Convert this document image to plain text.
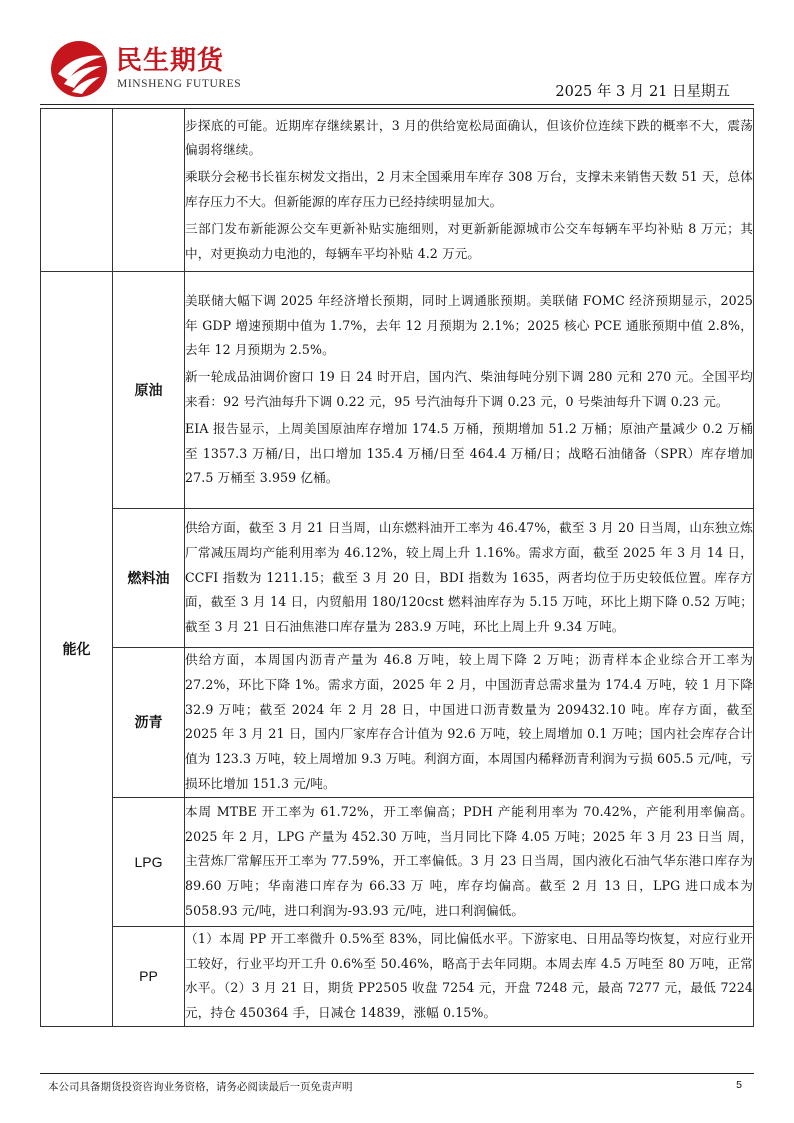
民生期货
MINSHENG FUTURES	2025 年 3 月 21 日星期五

		步探底的可能。近期库存继续累计，3 月的供给宽松局面确认，但该价位连续下跌的概率不大，震荡偏弱将继续。

乘联分会秘书长崔东树发文指出，2 月末全国乘用车库存 308 万台，支撑未来销售天数 51 天，总体库存压力不大。但新能源的库存压力已经持续明显加大。

三部门发布新能源公交车更新补贴实施细则，对更新新能源城市公交车每辆车平均补贴 8 万元；其中，对更换动力电池的，每辆车平均补贴 4.2 万元。

能化	原油	美联储大幅下调 2025 年经济增长预期，同时上调通胀预期。美联储 FOMC 经济预期显示，2025 年 GDP 增速预期中值为 1.7%，去年 12 月预期为 2.1%；2025 核心 PCE 通胀预期中值 2.8%，去年 12 月预期为 2.5%。

新一轮成品油调价窗口 19 日 24 时开启，国内汽、柴油每吨分别下调 280 元和 270 元。全国平均来看：92 号汽油每升下调 0.22 元，95 号汽油每升下调 0.23 元，0 号柴油每升下调 0.23 元。

EIA 报告显示，上周美国原油库存增加 174.5 万桶，预期增加 51.2 万桶；原油产量减少 0.2 万桶至 1357.3 万桶/日，出口增加 135.4 万桶/日至 464.4 万桶/日；战略石油储备（SPR）库存增加 27.5 万桶至 3.959 亿桶。

	燃料油	供给方面，截至 3 月 21 日当周，山东燃料油开工率为 46.47%，截至 3 月 20 日当周，山东独立炼厂常减压周均产能利用率为 46.12%，较上周上升 1.16%。需求方面，截至 2025 年 3 月 14 日，CCFI 指数为 1211.15；截至 3 月 20 日，BDI 指数为 1635，两者均位于历史较低位置。库存方面，截至 3 月 14 日，内贸船用 180/120cst 燃料油库存为 5.15 万吨，环比上期下降 0.52 万吨；截至 3 月 21 日石油焦港口库存量为 283.9 万吨，环比上周上升 9.34 万吨。

	沥青	供给方面，本周国内沥青产量为 46.8 万吨，较上周下降 2 万吨；沥青样本企业综合开工率为 27.2%，环比下降 1%。需求方面，2025 年 2 月，中国沥青总需求量为 174.4 万吨，较 1 月下降 32.9 万吨；截至 2024 年 2 月 28 日，中国进口沥青数量为 209432.10 吨。库存方面，截至 2025 年 3 月 21 日，国内厂家库存合计值为 92.6 万吨，较上周增加 0.1 万吨；国内社会库存合计值为 123.3 万吨，较上周增加 9.3 万吨。利润方面，本周国内稀释沥青利润为亏损 605.5 元/吨，亏损环比增加 151.3 元/吨。

	LPG	本周 MTBE 开工率为 61.72%，开工率偏高；PDH 产能利用率为 70.42%，产能利用率偏高。 2025 年 2 月，LPG 产量为 452.30 万吨，当月同比下降 4.05 万吨；2025 年 3 月 23 日当 周，主营炼厂常解压开工率为 77.59%，开工率偏低。3 月 23 日当周，国内液化石油气华东港口库存为 89.60 万吨；华南港口库存为 66.33 万 吨，库存均偏高。截至 2 月 13 日，LPG 进口成本为 5058.93 元/吨，进口利润为-93.93 元/吨，进口利润偏低。

	PP	（1）本周 PP 开工率微升 0.5%至 83%，同比偏低水平。下游家电、日用品等均恢复，对应行业开工较好，行业平均开工升 0.6%至 50.46%，略高于去年同期。本周去库 4.5 万吨至 80 万吨，正常水平。（2）3 月 21 日，期货 PP2505 收盘 7254 元，开盘 7248 元，最高 7277 元，最低 7224 元，持仓 450364 手，日减仓 14839，涨幅 0.15%。

本公司具备期货投资咨询业务资格，请务必阅读最后一页免责声明	5
